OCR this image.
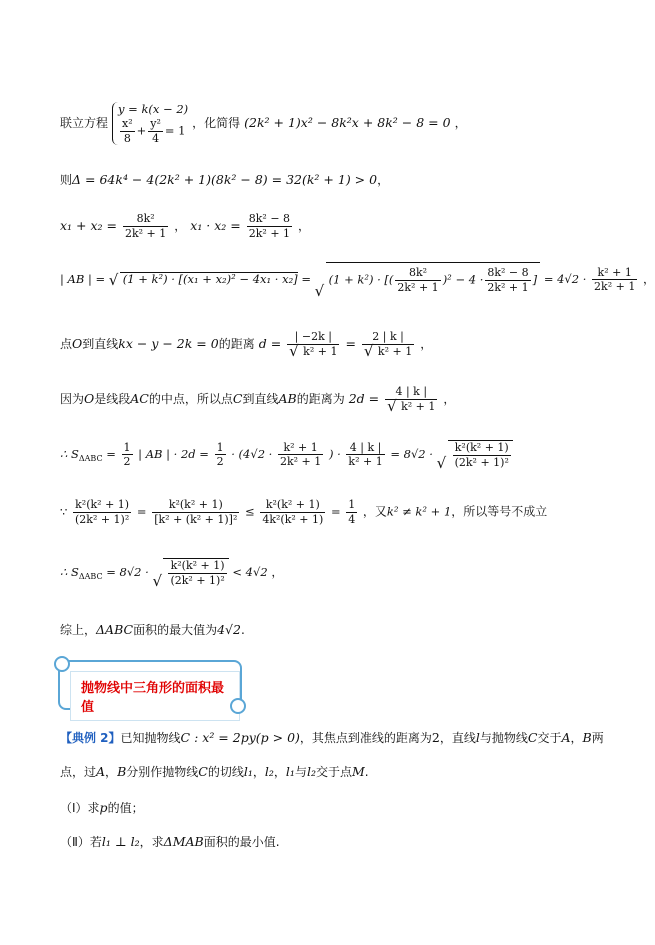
联立方程
y = k(x − 2)
$\frac{\text{x²}}{8} + \frac{\text{y²}}{4} = 1$ ，化简得 (2k² + 1)x² − 8k²x + 8k² − 8 = 0 ，
则Δ = 64k⁴ − 4(2k² + 1)(8k² − 8) = 32(k² + 1) > 0，
$x_1 + x_2 = \frac{\text{8k²}}{\text{2k² + 1}}$ ， $x_1 \cdot x_2 = \frac{\text{8k² − 8}}{\text{2k² + 1}}$ ，
| AB | = √ (1 + k²) · [(x₁ + x₂)² − 4x₁ · x₂] = √ (1 + k²) · [( $\frac{\text{8k²}}{\text{2k² + 1}} )^2 - 4 \cdot \frac{\text{8k² − 8}}{\text{2k² + 1}}$ ] = $4√2 \cdot \frac{\text{k² + 1}}{\text{2k² + 1}}$ ，
点O到直线kx − y − 2k = 0的距离 d = | −2k |
√ k² + 1 = 2 | k |
√ k² + 1 ，
因为O是线段AC的中点，所以点C到直线AB的距离为 2d = 4 | k |
√ k² + 1 ，
∴ $S_{\Delta ABC} = \frac{1}{2}$ | AB | · $2d = \frac{1}{2} \cdot (4√2 \cdot \frac{\text{k² + 1}}{\text{2k² + 1}}$ ) · $\frac{4 | k |}{\text{k² + 1}} = 8√2$ · √ $\frac{\text{k²(k² + 1)}}{\text{(2k² + 1)²}}$
∵ $\frac{\text{k²(k² + 1)}}{\text{(2k² + 1)²}} = \frac{\text{k²(k² + 1)}}{\text{[k² + (k² + 1)]²}} \le \frac{\text{k²(k² + 1)}}{\text{4k²(k² + 1)}} = \frac{1}{4}$ ，又k² ≠ k² + 1，所以等号不成立
∴ $S_{\Delta ABC} = 8√2$ · √ $\frac{\text{k²(k² + 1)}}{\text{(2k² + 1)²}} < 4√2$ ，
综上，ΔABC面积的最大值为4√2.
抛物线中三角形的面积最值
【典例 2】已知抛物线C : x² = 2py(p > 0)，其焦点到准线的距离为2，直线l与抛物线C交于A，B两
点，过A，B分别作抛物线C的切线l₁，l₂，l₁与l₂交于点M.
（Ⅰ）求p的值；
（Ⅱ）若l₁ ⊥ l₂，求ΔMAB面积的最小值.
